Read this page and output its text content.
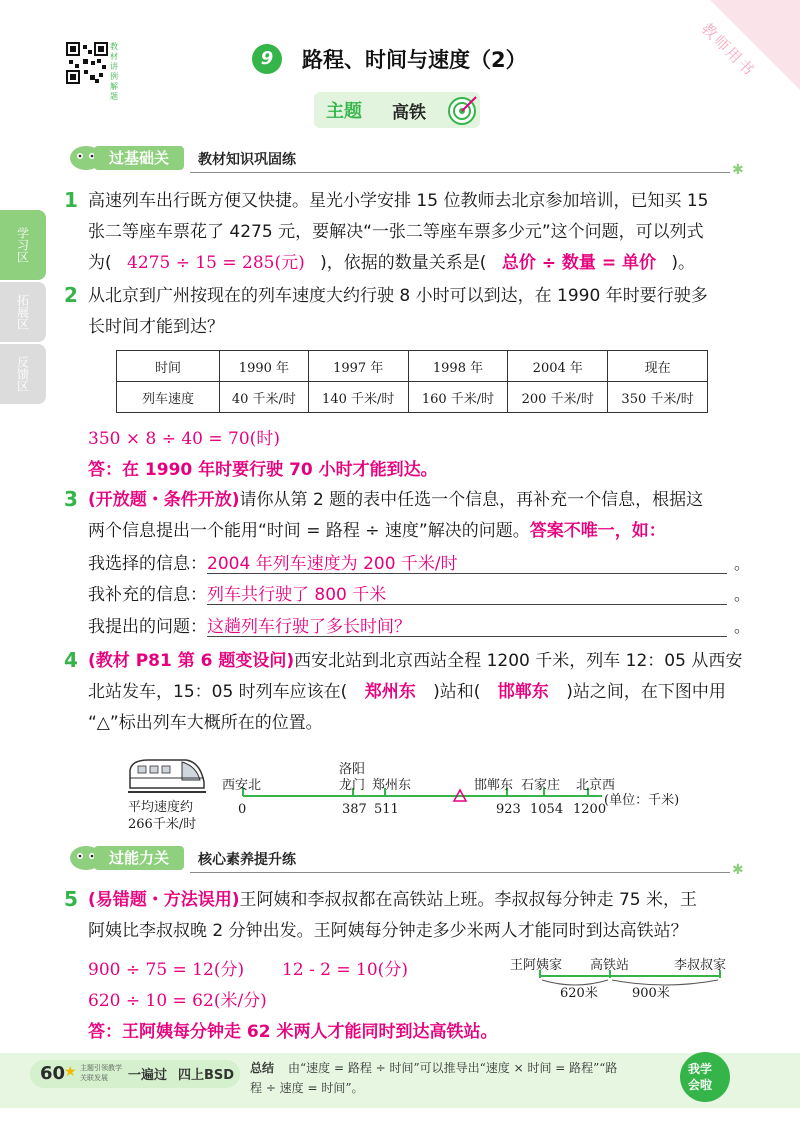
教师用书
教材讲例解题
9	路程、时间与速度（2）
主题 高铁
学习区
拓展区
反馈区
过基础关	教材知识巩固练
✱
1 高速列车出行既方便又快捷。星光小学安排 15 位教师去北京参加培训，已知买 15
张二等座车票花了 4275 元，要解决“一张二等座车票多少元”这个问题，可以列式
为( 4275 ÷ 15 = 285(元) )，依据的数量关系是( 总价 ÷ 数量 = 单价 )。
2 从北京到广州按现在的列车速度大约行驶 8 小时可以到达，在 1990 年时要行驶多
长时间才能到达？
时间	1990 年	1997 年	1998 年	2004 年	现在
列车速度	40 千米/时	140 千米/时	160 千米/时	200 千米/时	350 千米/时
350 × 8 ÷ 40 = 70(时)
答：在 1990 年时要行驶 70 小时才能到达。
3 (开放题・条件开放)请你从第 2 题的表中任选一个信息，再补充一个信息，根据这
两个信息提出一个能用“时间 = 路程 ÷ 速度”解决的问题。答案不唯一，如：
我选择的信息： 2004 年列车速度为 200 千米/时	。
我补充的信息： 列车共行驶了 800 千米	。
我提出的问题： 这趟列车行驶了多长时间？	。
4 (教材 P81 第 6 题变设问)西安北站到北京西站全程 1200 千米，列车 12：05 从西安
北站发车，15：05 时列车应该在( 郑州东 )站和( 邯郸东 )站之间，在下图中用
“△”标出列车大概所在的位置。
平均速度约
266千米/时
西安北
洛阳
龙门 郑州东	邯郸东 石家庄 北京西
0	387 511	923 1054 1200
(单位：千米)
过能力关	核心素养提升练
✱
5 (易错题・方法误用)王阿姨和李叔叔都在高铁站上班。李叔叔每分钟走 75 米，王
阿姨比李叔叔晚 2 分钟出发。王阿姨每分钟走多少米两人才能同时到达高铁站？
900 ÷ 75 = 12(分) 12 - 2 = 10(分)
620 ÷ 10 = 62(米/分)
答：王阿姨每分钟走 62 米两人才能同时到达高铁站。
王阿姨家 高铁站	李叔叔家
620米	900米
60
★ 主题引领教学
关联发展 一遍过 四上BSD 总结 由“速度 = 路程 ÷ 时间”可以推导出“速度 × 时间 = 路程”“路
程 ÷ 速度 = 时间”。
我学
会啦
